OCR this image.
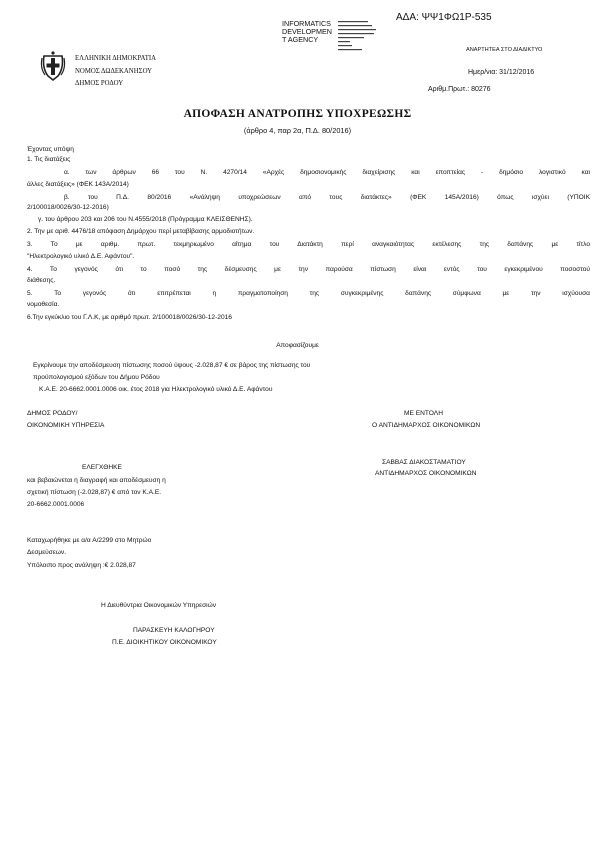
ΑΔΑ: ΨΨ1ΦΩ1Ρ-535
INFORMATICS
DEVELOPMEN
T AGENCY
ΑΝΑΡΤΗΤΕΑ ΣΤΟ ΔΙΑΔΙΚΤΥΟ
ΕΛΛΗΝΙΚΗ ΔΗΜΟΚΡΑΤΙΑ
ΝΟΜΟΣ ΔΩΔΕΚΑΝΗΣΟΥ
ΔΗΜΟΣ ΡΟΔΟΥ
Ημερ/νια: 31/12/2016
Αριθμ.Πρωτ.: 80276
ΑΠΟΦΑΣΗ ΑΝΑΤΡΟΠΗΣ ΥΠΟΧΡΕΩΣΗΣ
(άρθρο 4, παρ 2α, Π.Δ. 80/2016)
Έχοντας υπόψη
1. Τις διατάξεις
α. των άρθρων 66 του Ν. 4270/14 «Αρχές δημοσιονομικής διαχείρισης και εποπτείας - δημόσιο λογιστικό και
άλλες διατάξεις» (ΦΕΚ 143Α/2014)
β. του Π.Δ. 80/2016 «Ανάληψη υποχρεώσεων από τους διατάκτες» (ΦΕΚ 145Α/2016) όπως ισχύει (ΥΠΟΙΚ
2/100018/0026/30-12-2016)
γ. του άρθρου 203 και 206 του Ν.4555/2018 (Πρόγραμμα ΚΛΕΙΣΘΕΝΗΣ).
2. Την με αριθ. 4476/18 απόφαση Δημάρχου περί μεταβίβασης αρμοδιοτήτων.
3. Το με αριθμ. πρωτ. τεκμηριωμένο αίτημα του Διατάκτη περί αναγκαιότητας εκτέλεσης της δαπάνης με τίτλο
"Ηλεκτρολογικό υλικό Δ.Ε. Αφάντου".
4. Το γεγονός ότι το ποσό της δέσμευσης με την παρούσα πίστωση είναι εντός του εγκεκριμένου ποσοστού
διάθεσης.
5. Το γεγονός ότι επιτρέπεται η πραγματοποίηση της συγκεκριμένης δαπάνης σύμφωνα με την ισχύουσα
νομοθεσία.
6.Την εγκύκλιο του Γ.Λ.Κ, με αριθμό πρωτ. 2/100018/0026/30-12-2016
Αποφασίζουμε
Εγκρίνουμε την αποδέσμευση πίστωσης ποσού ύψους -2.028,87 € σε βάρος της πίστωσης του
προϋπολογισμού εξόδων του Δήμου Ρόδου
Κ.Α.Ε. 20-6662.0001.0006 οικ. έτος 2018 για Ηλεκτρολογικό υλικό Δ.Ε. Αφάντου
ΔΗΜΟΣ ΡΟΔΟΥ/
ΟΙΚΟΝΟΜΙΚΗ ΥΠΗΡΕΣΙΑ
ΜΕ ΕΝΤΟΛΗ
Ο ΑΝΤΙΔΗΜΑΡΧΟΣ ΟΙΚΟΝΟΜΙΚΩΝ
ΕΛΕΓΧΘΗΚΕ
και βεβαιώνεται η διαγραφή και αποδέσμευση η
σχετική πίστωση (-2.028,87) € από τον Κ.Α.Ε.
20-6662.0001.0006
ΣΑΒΒΑΣ ΔΙΑΚΟΣΤΑΜΑΤΙΟΥ
ΑΝΤΙΔΗΜΑΡΧΟΣ ΟΙΚΟΝΟΜΙΚΩΝ
Καταχωρήθηκε με α/α Α/2299 στο Μητρώο
Δεσμεύσεων.
Υπόλοιπο προς ανάληψη :€ 2.028,87
Η Διευθύντρια Οικονομικών Υπηρεσιών
ΠΑΡΑΣΚΕΥΗ ΚΑΛΟΓΗΡΟΥ
Π.Ε. ΔΙΟΙΚΗΤΙΚΟΥ ΟΙΚΟΝΟΜΙΚΟΥ
